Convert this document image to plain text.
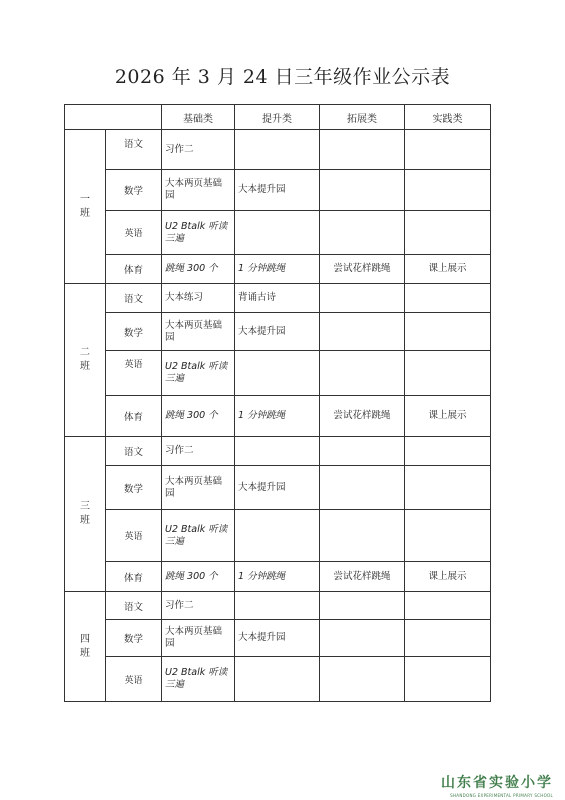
2026 年 3 月 24 日三年级作业公示表
		基础类	提升类	拓展类	实践类

一班	语文	习作二			
	数学	大本两页基础园	大本提升园		
	英语	U2 Btalk 听读三遍			
	体育	跳绳 300 个	1 分钟跳绳	尝试花样跳绳	课上展示

二班	语文	大本练习	背诵古诗		
	数学	大本两页基础园	大本提升园		
	英语	U2 Btalk 听读三遍			
	体育	跳绳 300 个	1 分钟跳绳	尝试花样跳绳	课上展示

三班	语文	习作二			
	数学	大本两页基础园	大本提升园		
	英语	U2 Btalk 听读三遍			
	体育	跳绳 300 个	1 分钟跳绳	尝试花样跳绳	课上展示

四班	语文	习作二			
	数学	大本两页基础园	大本提升园		
	英语	U2 Btalk 听读三遍			
山东省实验小学
SHANDONG EXPERIMENTAL PRIMARY SCHOOL
